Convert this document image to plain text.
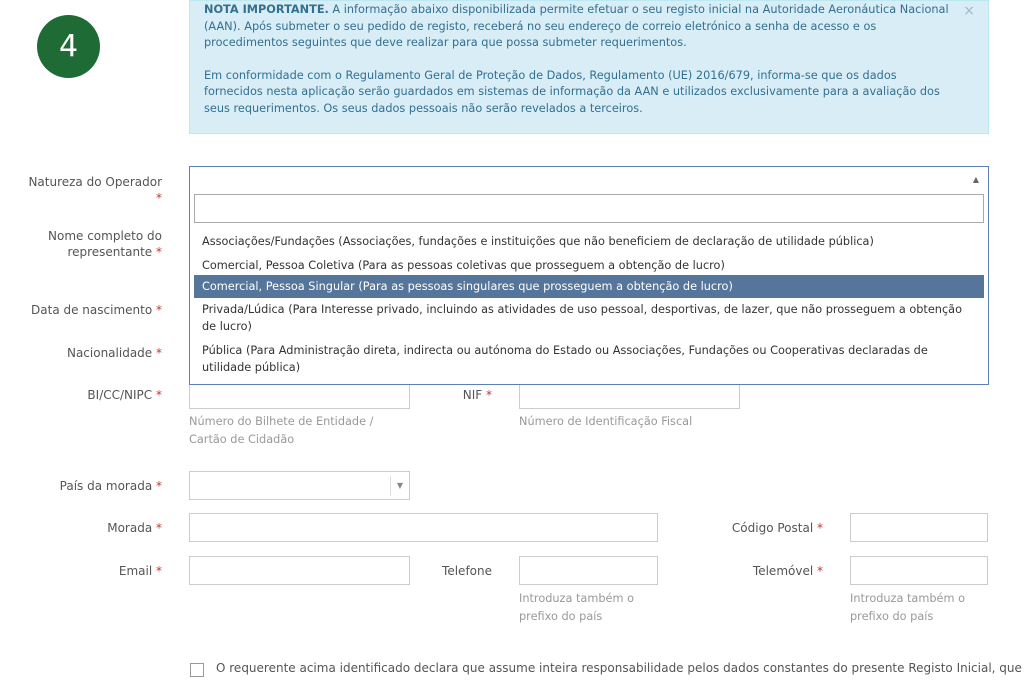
4

NOTA IMPORTANTE. A informação abaixo disponibilizada permite efetuar o seu registo inicial na Autoridade Aeronáutica Nacional (AAN). Após submeter o seu pedido de registo, receberá no seu endereço de correio eletrónico a senha de acesso e os procedimentos seguintes que deve realizar para que possa submeter requerimentos.

Em conformidade com o Regulamento Geral de Proteção de Dados, Regulamento (UE) 2016/679, informa-se que os dados fornecidos nesta aplicação serão guardados em sistemas de informação da AAN e utilizados exclusivamente para a avaliação dos seus requerimentos. Os seus dados pessoais não serão revelados a terceiros.

×
Natureza do Operador
*
Nome completo do representante *
Data de nascimento *
Nacionalidade *
BI/CC/NIPC *	NIF *
País da morada *
Morada *	Código Postal *
Email *	Telefone	Telemóvel *
Número do Bilhete de Entidade / Cartão de Cidadão
Número de Identificação Fiscal
▼
Introduza também o prefixo do país
Introduza também o prefixo do país
O requerente acima identificado declara que assume inteira responsabilidade pelos dados constantes do presente Registo Inicial, que
▲
Associações/Fundações (Associações, fundações e instituições que não beneficiem de declaração de utilidade pública)
Comercial, Pessoa Coletiva (Para as pessoas coletivas que prosseguem a obtenção de lucro)
Comercial, Pessoa Singular (Para as pessoas singulares que prosseguem a obtenção de lucro)
Privada/Lúdica (Para Interesse privado, incluindo as atividades de uso pessoal, desportivas, de lazer, que não prosseguem a obtenção de lucro)
Pública (Para Administração direta, indirecta ou autónoma do Estado ou Associações, Fundações ou Cooperativas declaradas de utilidade pública)
